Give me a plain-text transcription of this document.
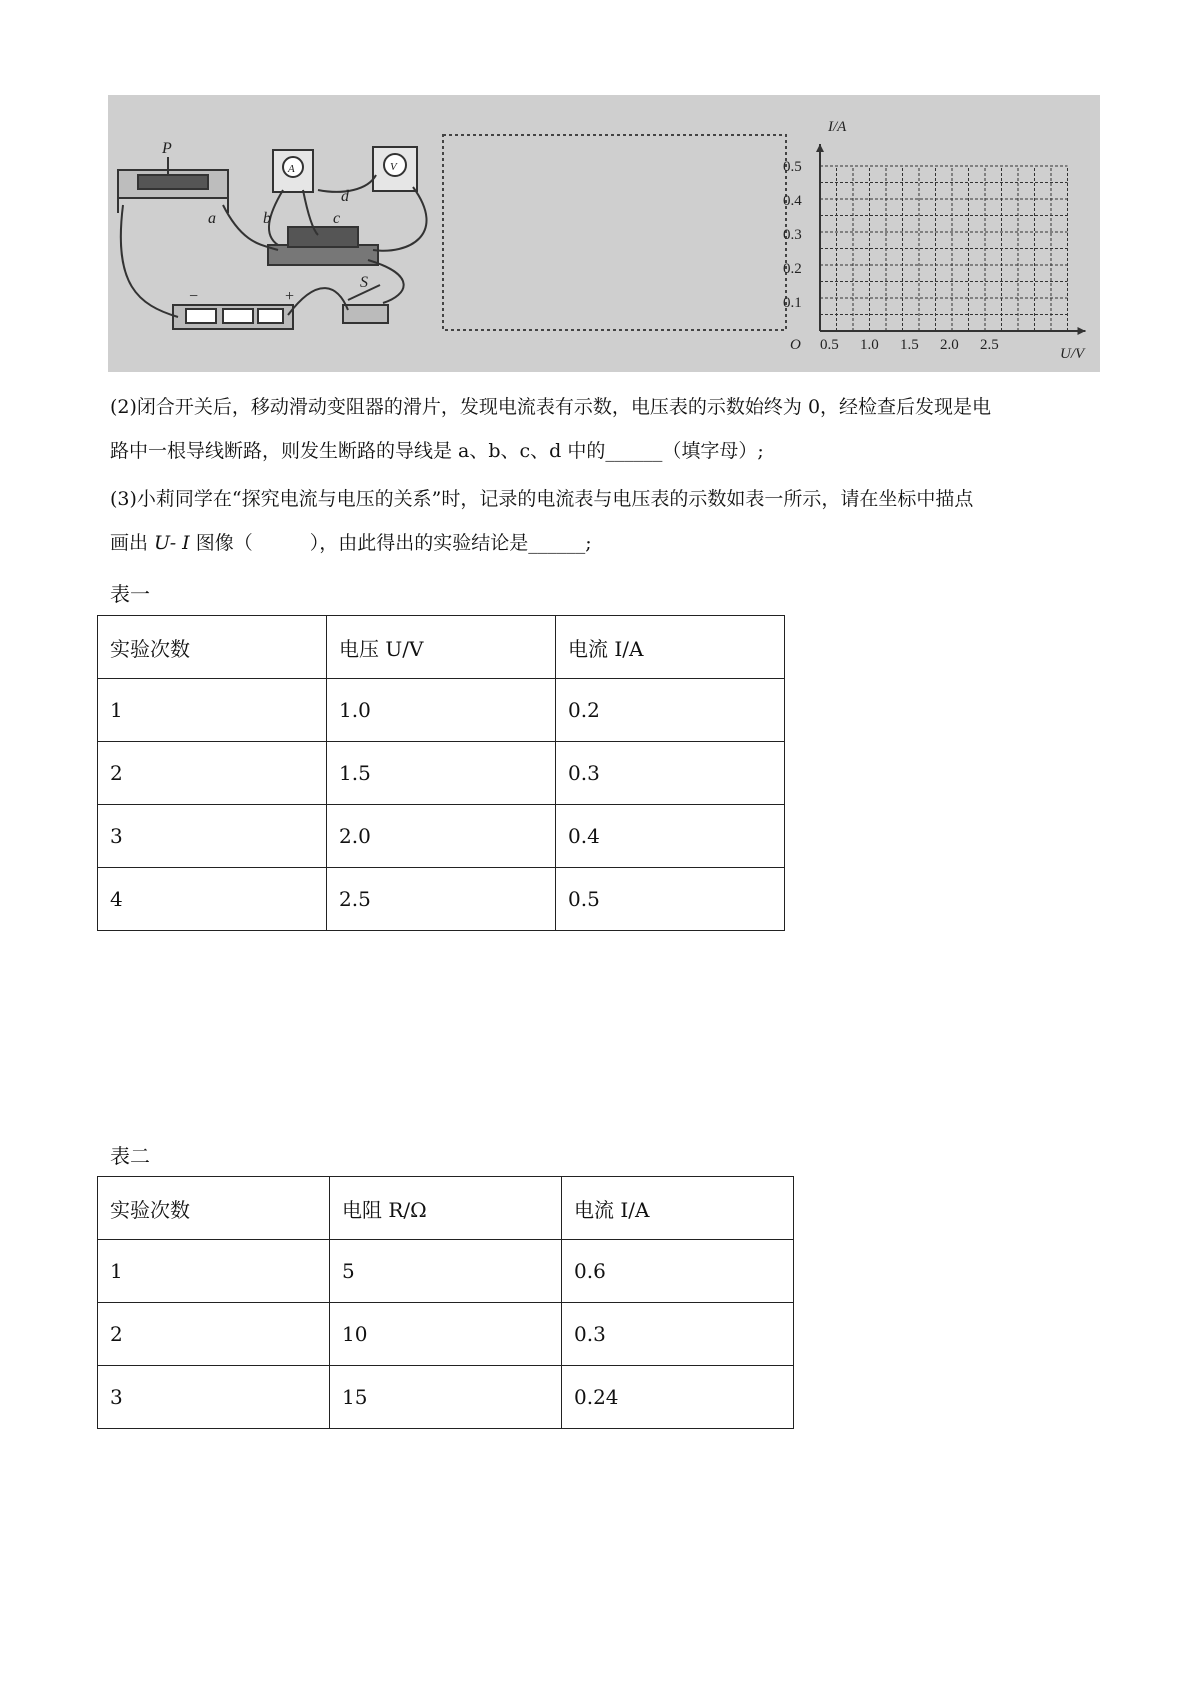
P
a	b	c
d
S
−	+
A	V
I/A
U/V
O
0.1
0.2
0.3
0.4
0.5
0.5 1.0 1.5 2.0 2.5

(2)闭合开关后，移动滑动变阻器的滑片，发现电流表有示数，电压表的示数始终为 0，经检查后发现是电

路中一根导线断路，则发生断路的导线是 a、b、c、d 中的______（填字母）;

(3)小莉同学在“探究电流与电压的关系”时，记录的电流表与电压表的示数如表一所示，请在坐标中描点

画出 U- I 图像（　　　），由此得出的实验结论是______;

表一

实验次数	电压 U/V	电流 I/A
1	1.0	0.2
2	1.5	0.3
3	2.0	0.4
4	2.5	0.5

表二

实验次数	电阻 R/Ω	电流 I/A
1	5	0.6
2	10	0.3
3	15	0.24
